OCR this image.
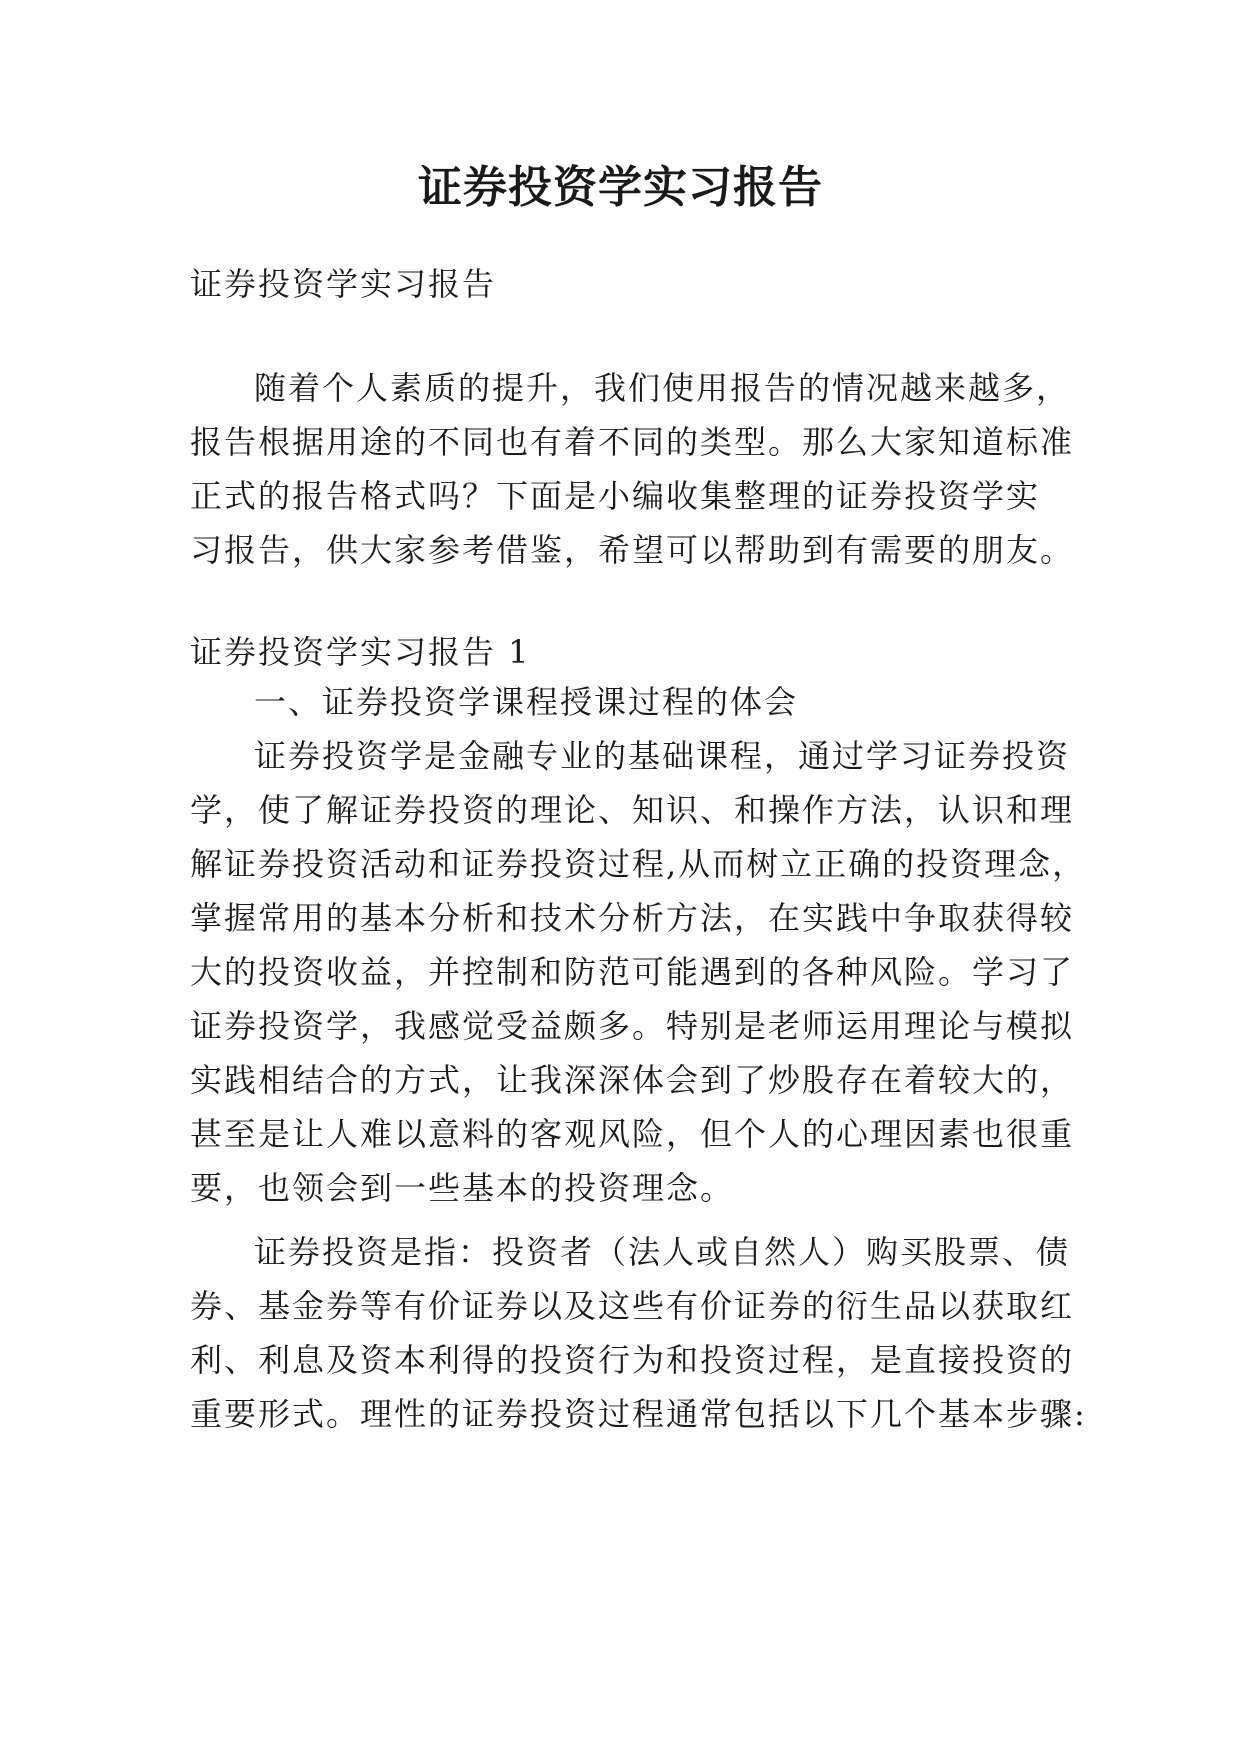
证券投资学实习报告

证券投资学实习报告

随着个人素质的提升，我们使用报告的情况越来越多，

报告根据用途的不同也有着不同的类型。那么大家知道标准

正式的报告格式吗？下面是小编收集整理的证券投资学实

习报告，供大家参考借鉴，希望可以帮助到有需要的朋友。

证券投资学实习报告 1

一、证券投资学课程授课过程的体会

证券投资学是金融专业的基础课程，通过学习证券投资

学，使了解证券投资的理论、知识、和操作方法，认识和理

解证券投资活动和证券投资过程,从而树立正确的投资理念，

掌握常用的基本分析和技术分析方法，在实践中争取获得较

大的投资收益，并控制和防范可能遇到的各种风险。学习了

证券投资学，我感觉受益颇多。特别是老师运用理论与模拟

实践相结合的方式，让我深深体会到了炒股存在着较大的，

甚至是让人难以意料的客观风险，但个人的心理因素也很重

要，也领会到一些基本的投资理念。

证券投资是指：投资者（法人或自然人）购买股票、债

券、基金券等有价证券以及这些有价证券的衍生品以获取红

利、利息及资本利得的投资行为和投资过程，是直接投资的

重要形式。理性的证券投资过程通常包括以下几个基本步骤:
